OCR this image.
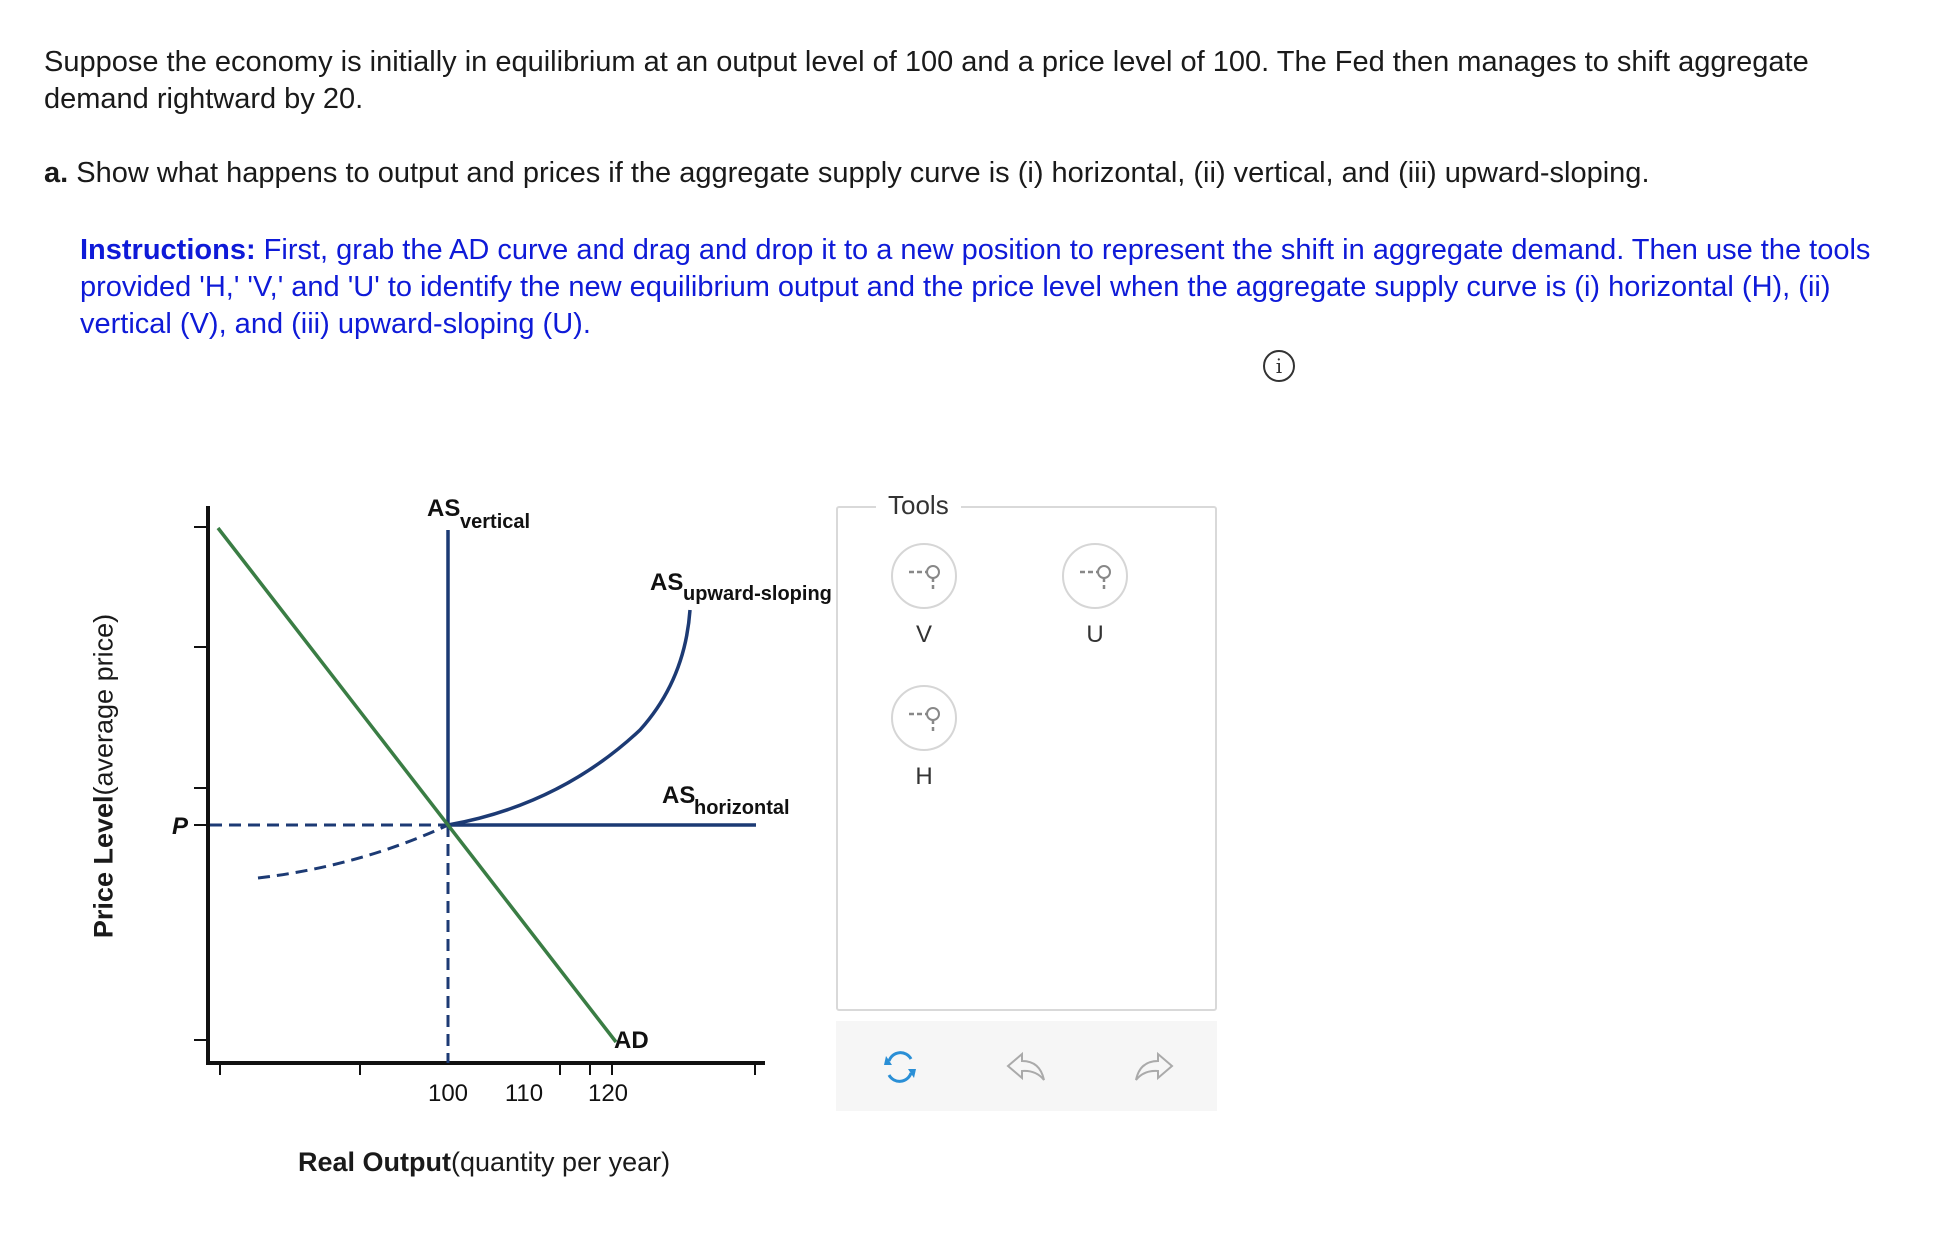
Suppose the economy is initially in equilibrium at an output level of 100 and a price level of 100. The Fed then manages to shift aggregate demand rightward by 20.
a. Show what happens to output and prices if the aggregate supply curve is (i) horizontal, (ii) vertical, and (iii) upward-sloping.
Instructions: First, grab the AD curve and drag and drop it to a new position to represent the shift in aggregate demand. Then use the tools provided 'H,' 'V,' and 'U' to identify the new equilibrium output and the price level when the aggregate supply curve is (i) horizontal (H), (ii) vertical (V), and (iii) upward-sloping (U).
i
P
AS vertical
AS upward-sloping
AS
horizontal
AD
100 110 120
Price Level(average price)
Real Output(quantity per year)
Tools
V	U
H
